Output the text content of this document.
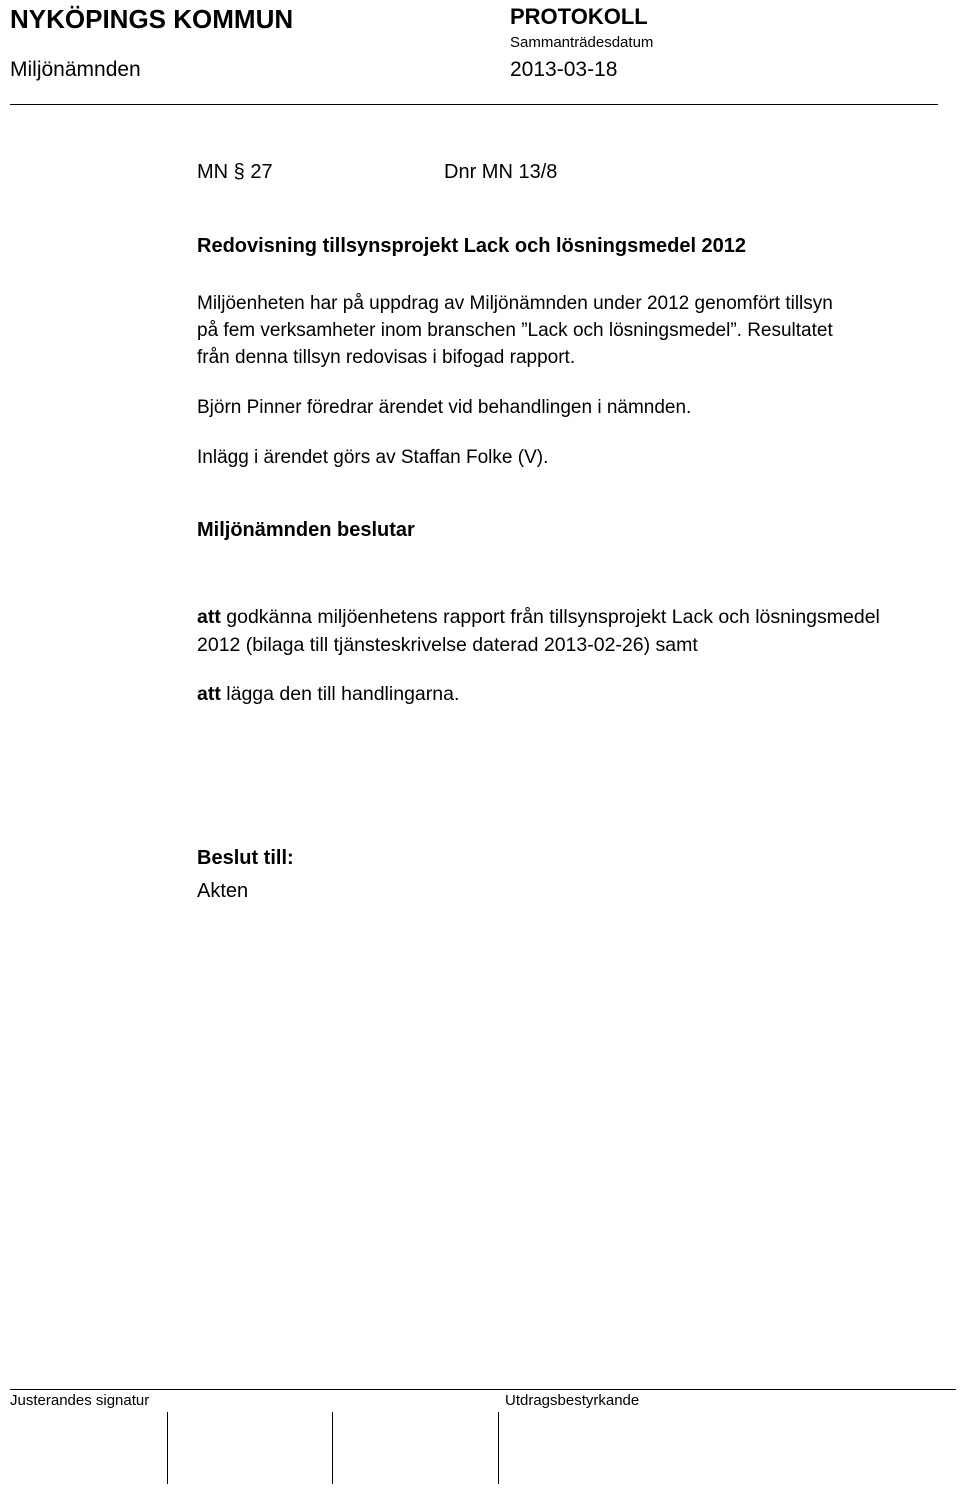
NYKÖPINGS KOMMUN	PROTOKOLL
Sammanträdesdatum
Miljönämnden	2013-03-18
MN § 27	Dnr MN 13/8
Redovisning tillsynsprojekt Lack och lösningsmedel 2012
Miljöenheten har på uppdrag av Miljönämnden under 2012 genomfört tillsyn
på fem verksamheter inom branschen ”Lack och lösningsmedel”. Resultatet
från denna tillsyn redovisas i bifogad rapport.
Björn Pinner föredrar ärendet vid behandlingen i nämnden.
Inlägg i ärendet görs av Staffan Folke (V).
Miljönämnden beslutar
att godkänna miljöenhetens rapport från tillsynsprojekt Lack och lösningsmedel
2012 (bilaga till tjänsteskrivelse daterad 2013-02-26) samt
att lägga den till handlingarna.
Beslut till:
Akten
Justerandes signatur	Utdragsbestyrkande
